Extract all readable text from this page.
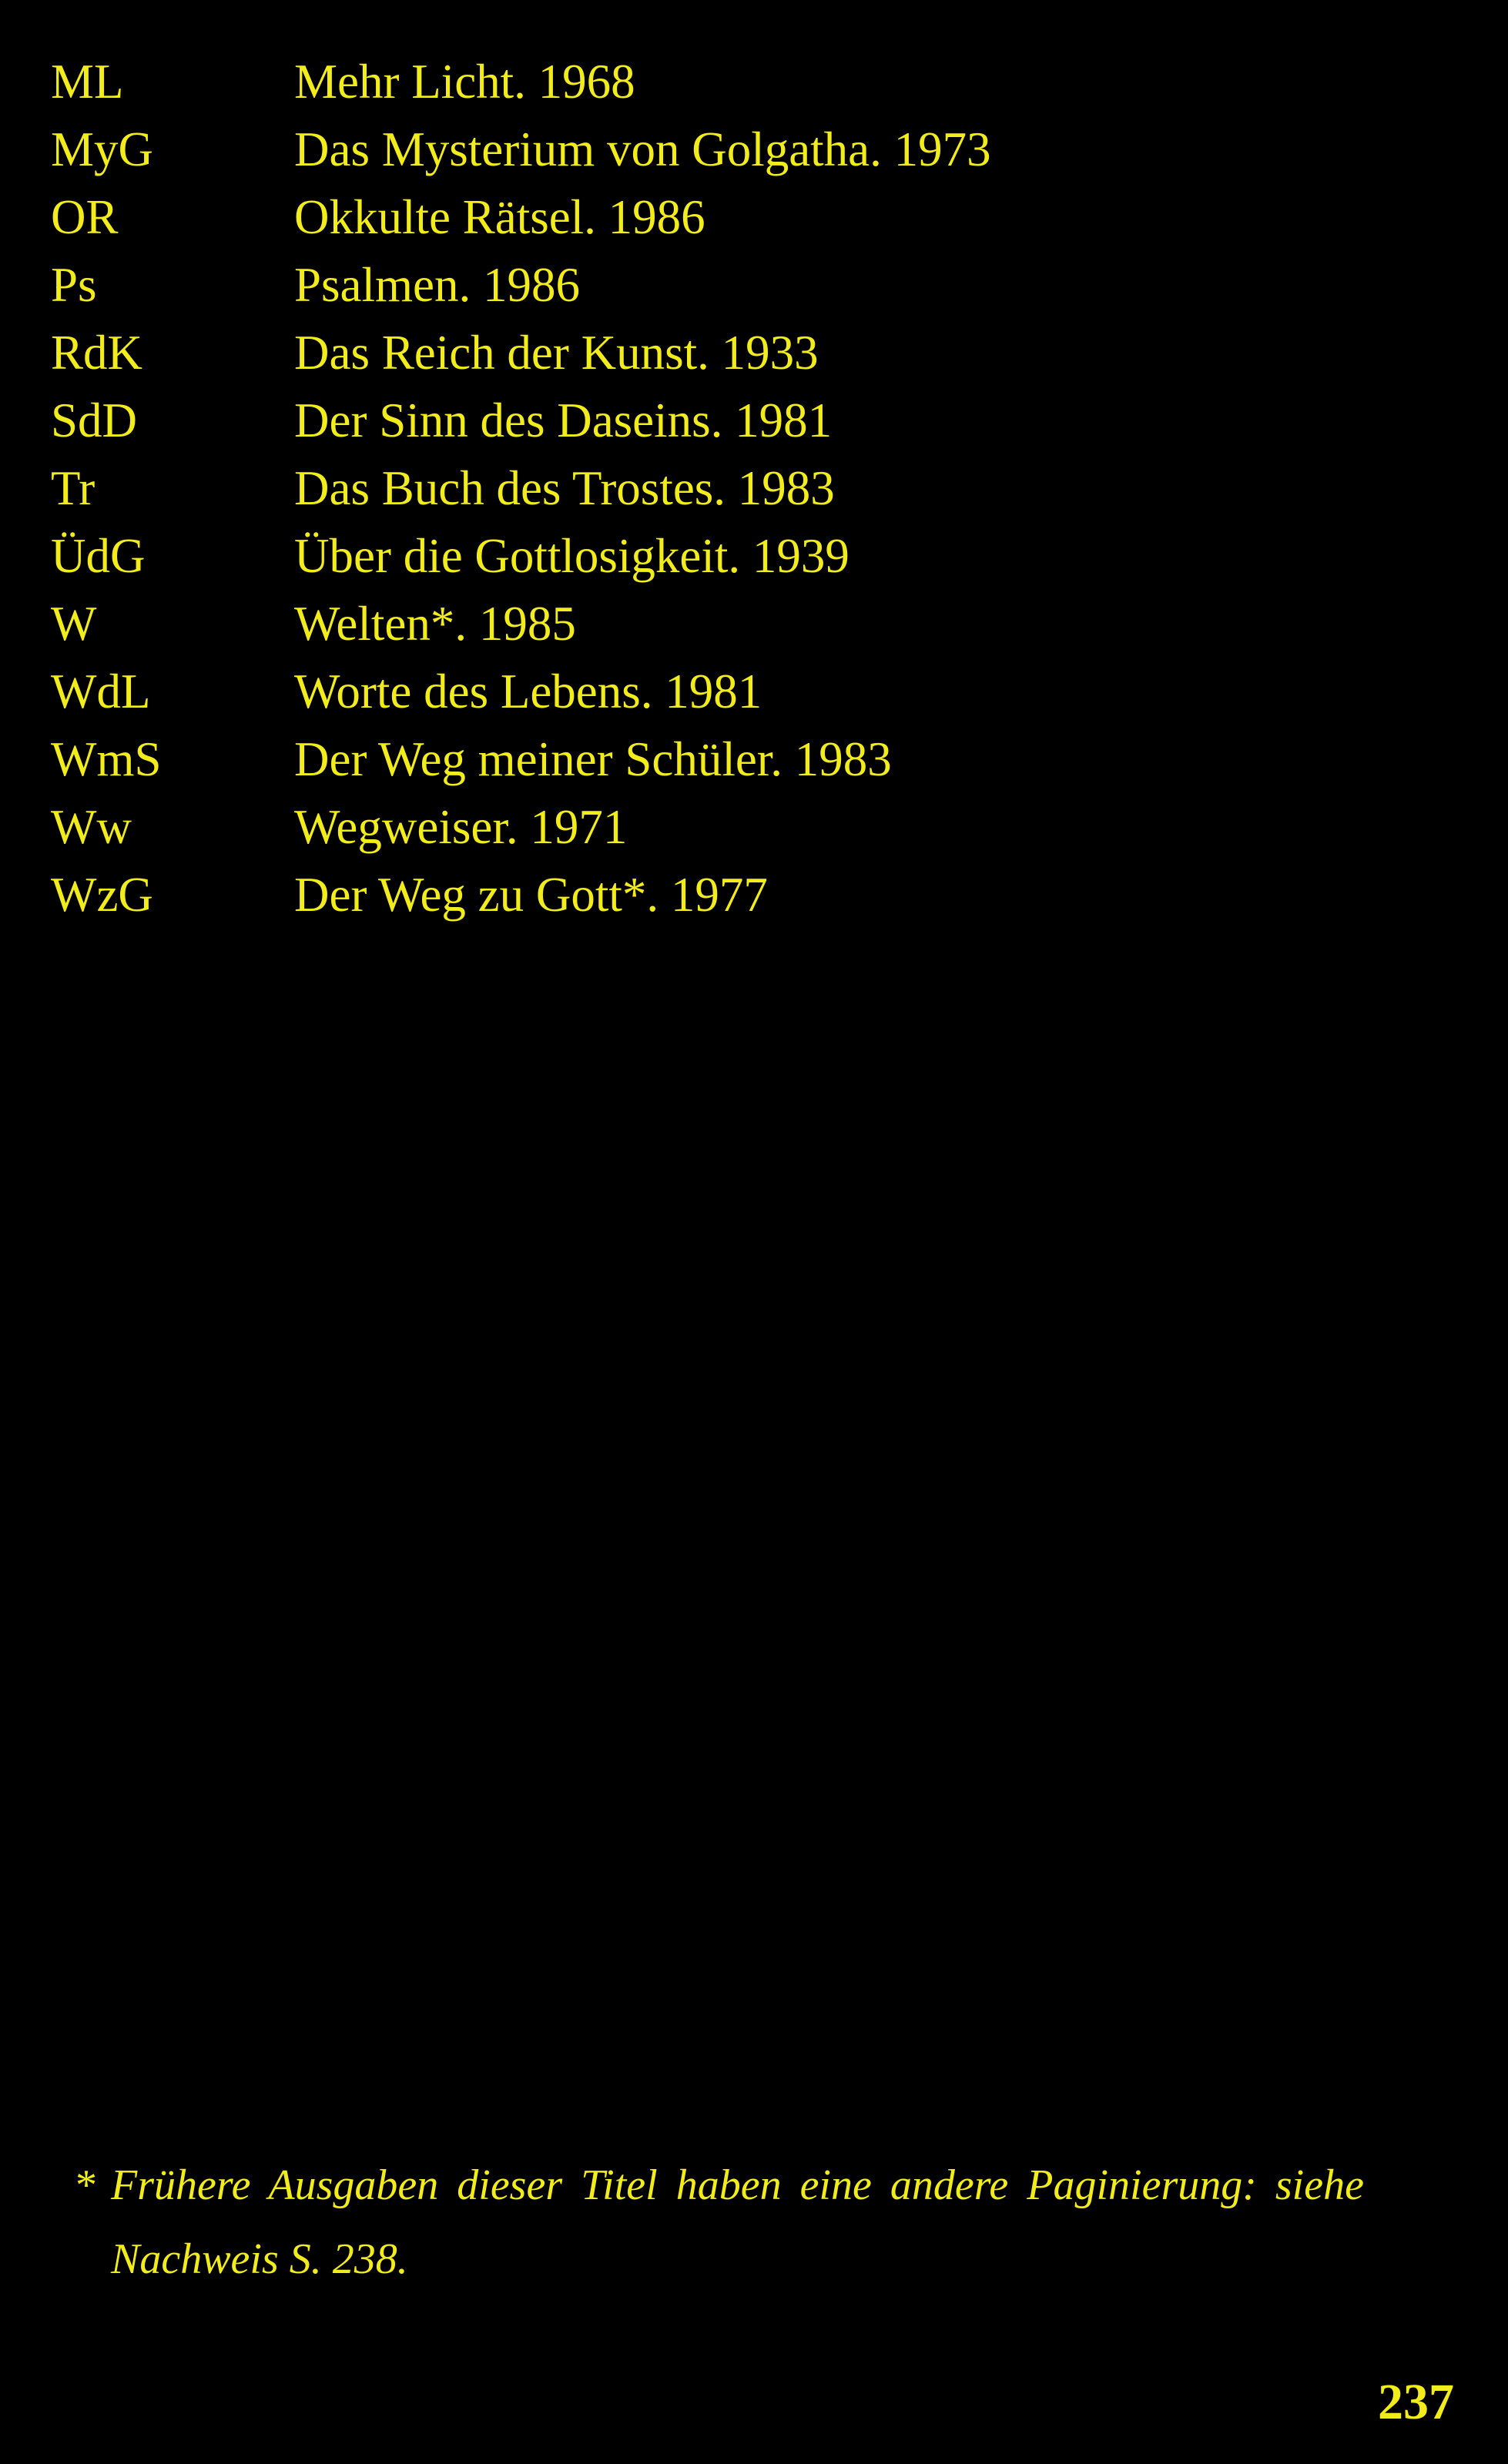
ML	Mehr Licht. 1968
MyG	Das Mysterium von Golgatha. 1973
OR	Okkulte Rätsel. 1986
Ps	Psalmen. 1986
RdK	Das Reich der Kunst. 1933
SdD	Der Sinn des Daseins. 1981
Tr	Das Buch des Trostes. 1983
ÜdG	Über die Gottlosigkeit. 1939
W	Welten*. 1985
WdL	Worte des Lebens. 1981
WmS	Der Weg meiner Schüler. 1983
Ww	Wegweiser. 1971
WzG	Der Weg zu Gott*. 1977
* Frühere Ausgaben dieser Titel haben eine andere Paginierung: siehe
Nachweis S. 238.
237
